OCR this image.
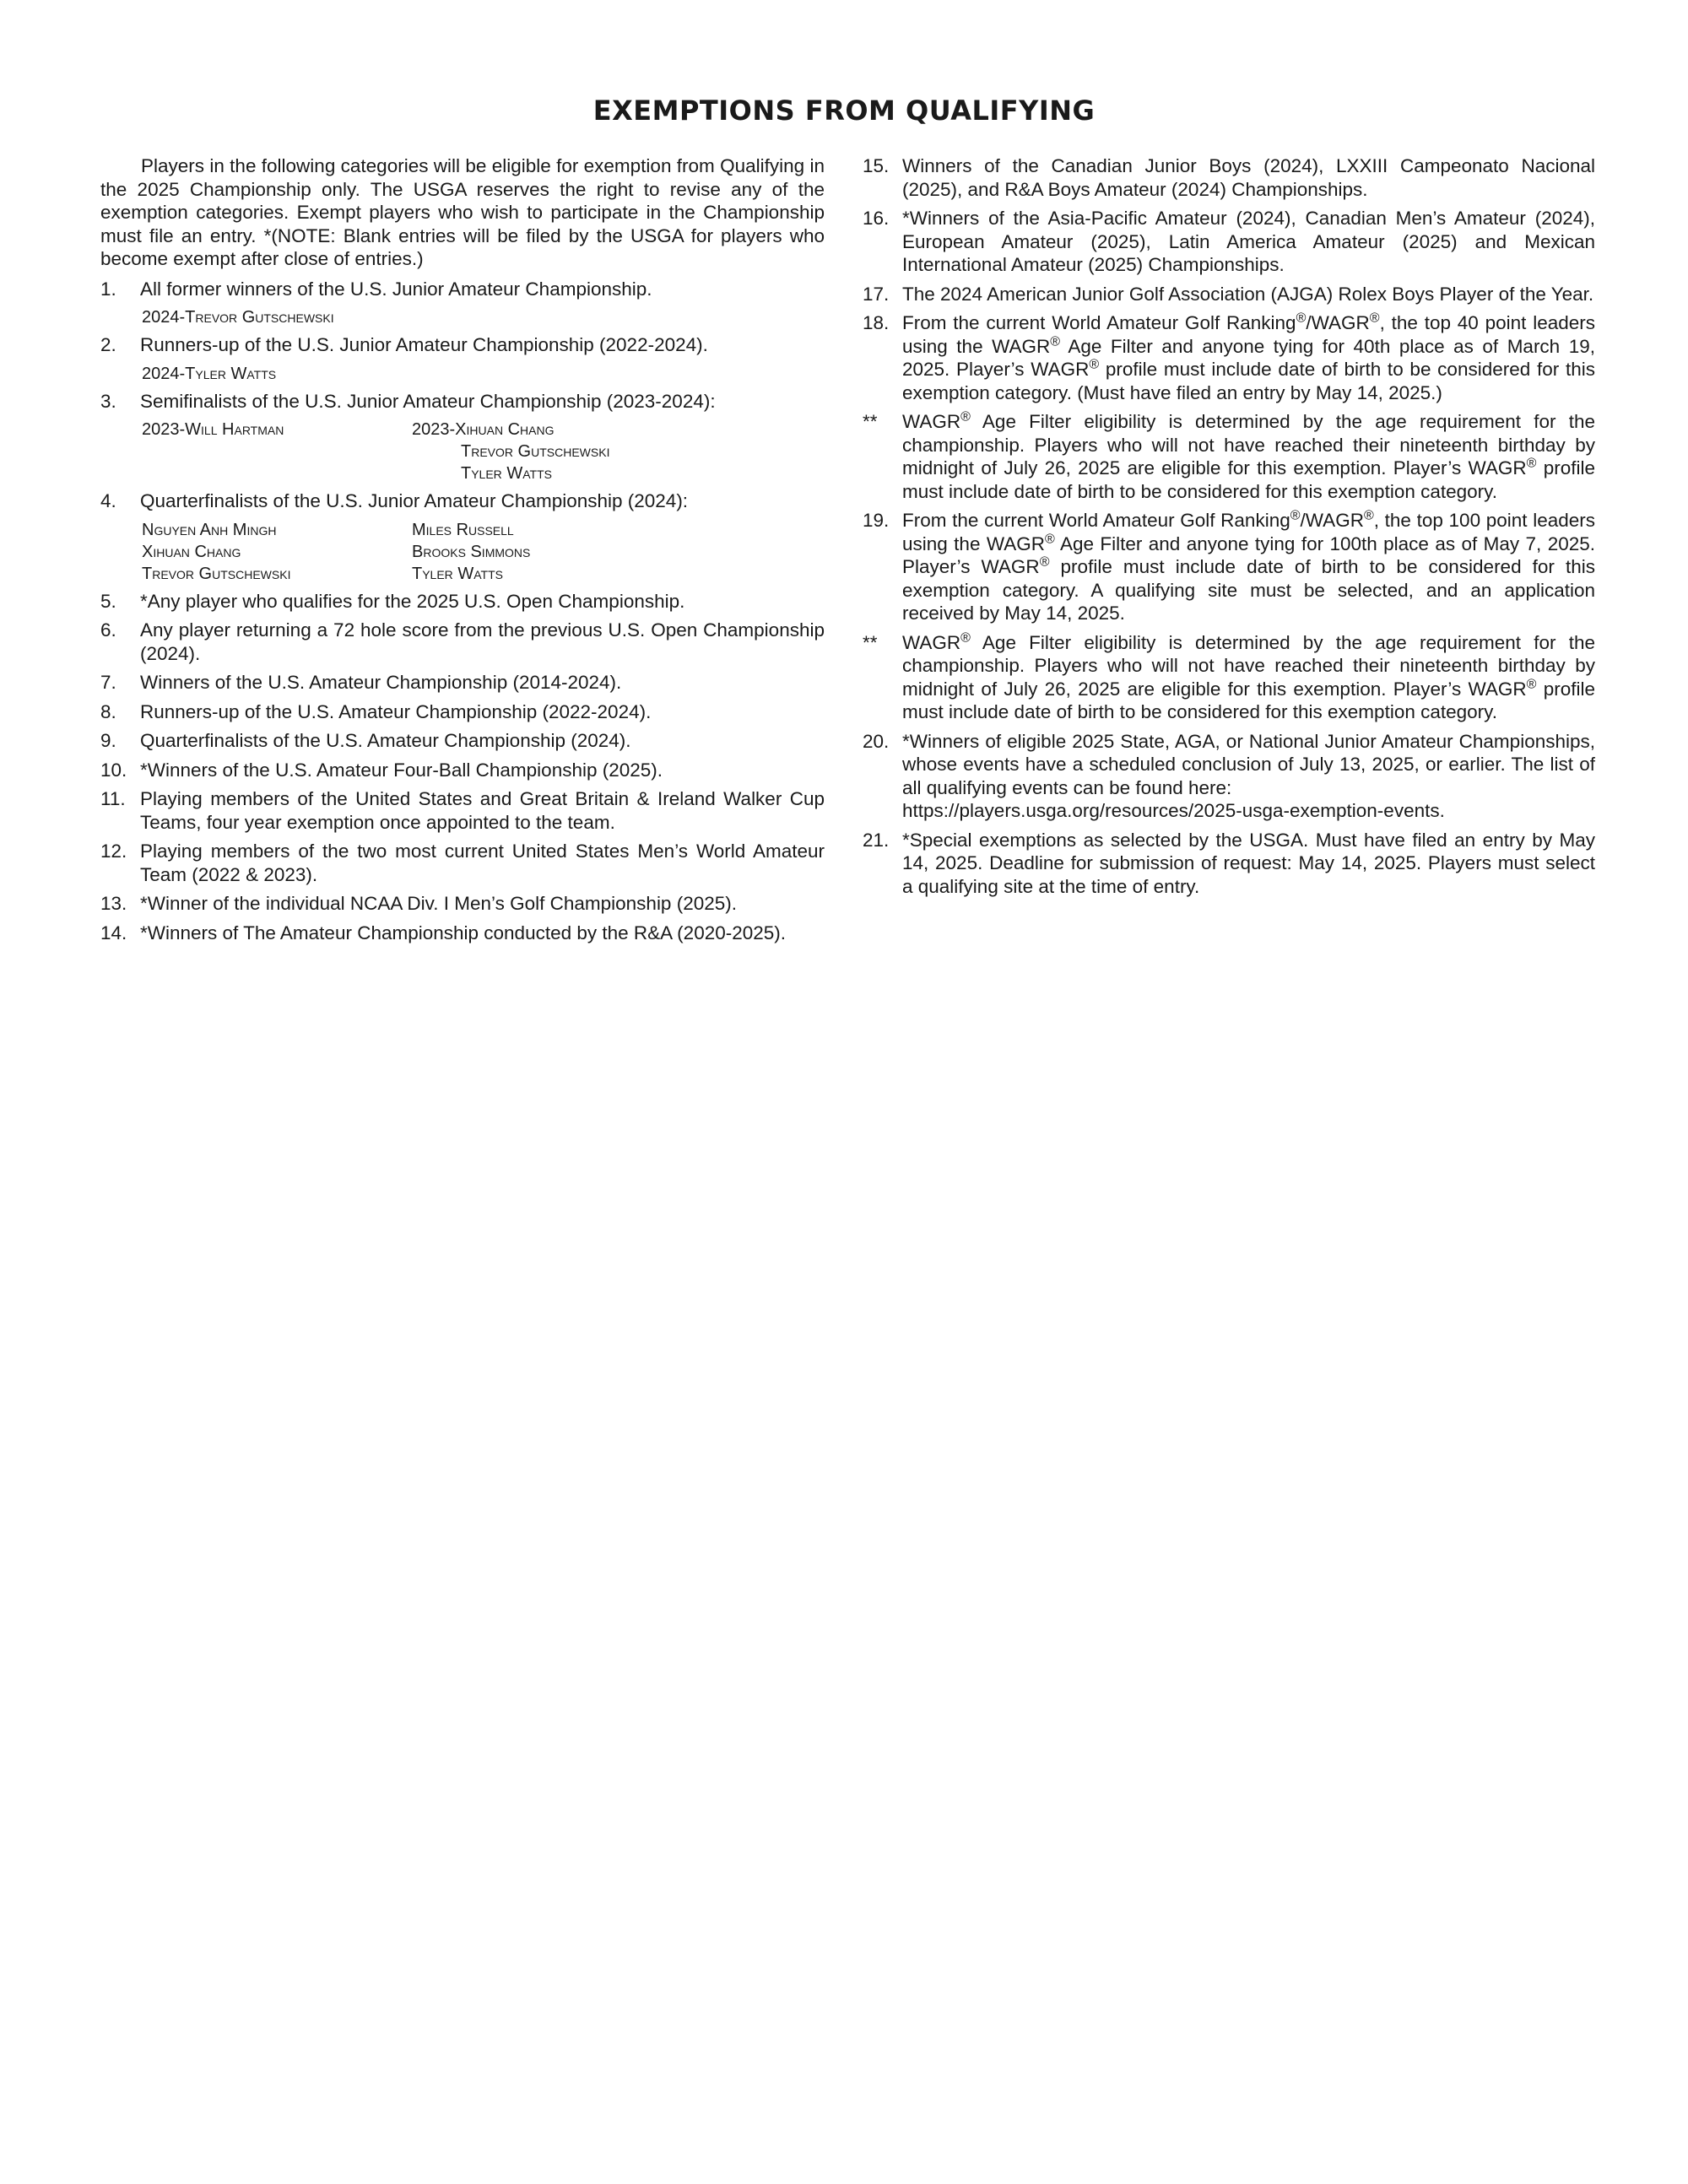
EXEMPTIONS FROM QUALIFYING
Players in the following categories will be eligible for exemption from Qualifying in the 2025 Championship only. The USGA reserves the right to revise any of the exemption categories. Exempt players who wish to participate in the Championship must file an entry. *(NOTE: Blank entries will be filed by the USGA for players who become exempt after close of entries.)
1.	All former winners of the U.S. Junior Amateur Championship.
2024-Trevor Gutschewski
2.	Runners-up of the U.S. Junior Amateur Championship (2022-2024).
2024-Tyler Watts
3.	Semifinalists of the U.S. Junior Amateur Championship (2023-2024):
2023-Will Hartman	2023-Xihuan Chang
Trevor Gutschewski
Tyler Watts
4.	Quarterfinalists of the U.S. Junior Amateur Championship (2024):
Nguyen Anh Mingh	Miles Russell
Xihuan Chang	Brooks Simmons
Trevor Gutschewski	Tyler Watts
5.	*Any player who qualifies for the 2025 U.S. Open Championship.
6.	Any player returning a 72 hole score from the previous U.S. Open Championship (2024).
7.	Winners of the U.S. Amateur Championship (2014-2024).
8.	Runners-up of the U.S. Amateur Championship (2022-2024).
9.	Quarterfinalists of the U.S. Amateur Championship (2024).
10. *Winners of the U.S. Amateur Four-Ball Championship (2025).
11. Playing members of the United States and Great Britain & Ireland Walker Cup Teams, four year exemption once appointed to the team.
12. Playing members of the two most current United States Men’s World Amateur Team (2022 & 2023).
13. *Winner of the individual NCAA Div. I Men’s Golf Championship (2025).
14. *Winners of The Amateur Championship conducted by the R&A (2020-2025).
15. Winners of the Canadian Junior Boys (2024), LXXIII Campeonato Nacional (2025), and R&A Boys Amateur (2024) Championships.
16. *Winners of the Asia-Pacific Amateur (2024), Canadian Men’s Amateur (2024), European Amateur (2025), Latin America Amateur (2025) and Mexican International Amateur (2025) Championships.
17. The 2024 American Junior Golf Association (AJGA) Rolex Boys Player of the Year.
18. From the current World Amateur Golf Ranking®/WAGR®, the top 40 point leaders using the WAGR® Age Filter and anyone tying for 40th place as of March 19, 2025. Player’s WAGR® profile must include date of birth to be considered for this exemption category. (Must have filed an entry by May 14, 2025.)
**	WAGR® Age Filter eligibility is determined by the age requirement for the championship. Players who will not have reached their nineteenth birthday by midnight of July 26, 2025 are eligible for this exemption. Player’s WAGR® profile must include date of birth to be considered for this exemption category.
19. From the current World Amateur Golf Ranking®/WAGR®, the top 100 point leaders using the WAGR® Age Filter and anyone tying for 100th place as of May 7, 2025. Player’s WAGR® profile must include date of birth to be considered for this exemption category. A qualifying site must be selected, and an application received by May 14, 2025.
**	WAGR® Age Filter eligibility is determined by the age requirement for the championship. Players who will not have reached their nineteenth birthday by midnight of July 26, 2025 are eligible for this exemption. Player’s WAGR® profile must include date of birth to be considered for this exemption category.
20. *Winners of eligible 2025 State, AGA, or National Junior Amateur Championships, whose events have a scheduled conclusion of July 13, 2025, or earlier. The list of all qualifying events can be found here:
https://players.usga.org/resources/2025-usga-exemption-events.
21. *Special exemptions as selected by the USGA. Must have filed an entry by May 14, 2025. Deadline for submission of request: May 14, 2025. Players must select a qualifying site at the time of entry.
